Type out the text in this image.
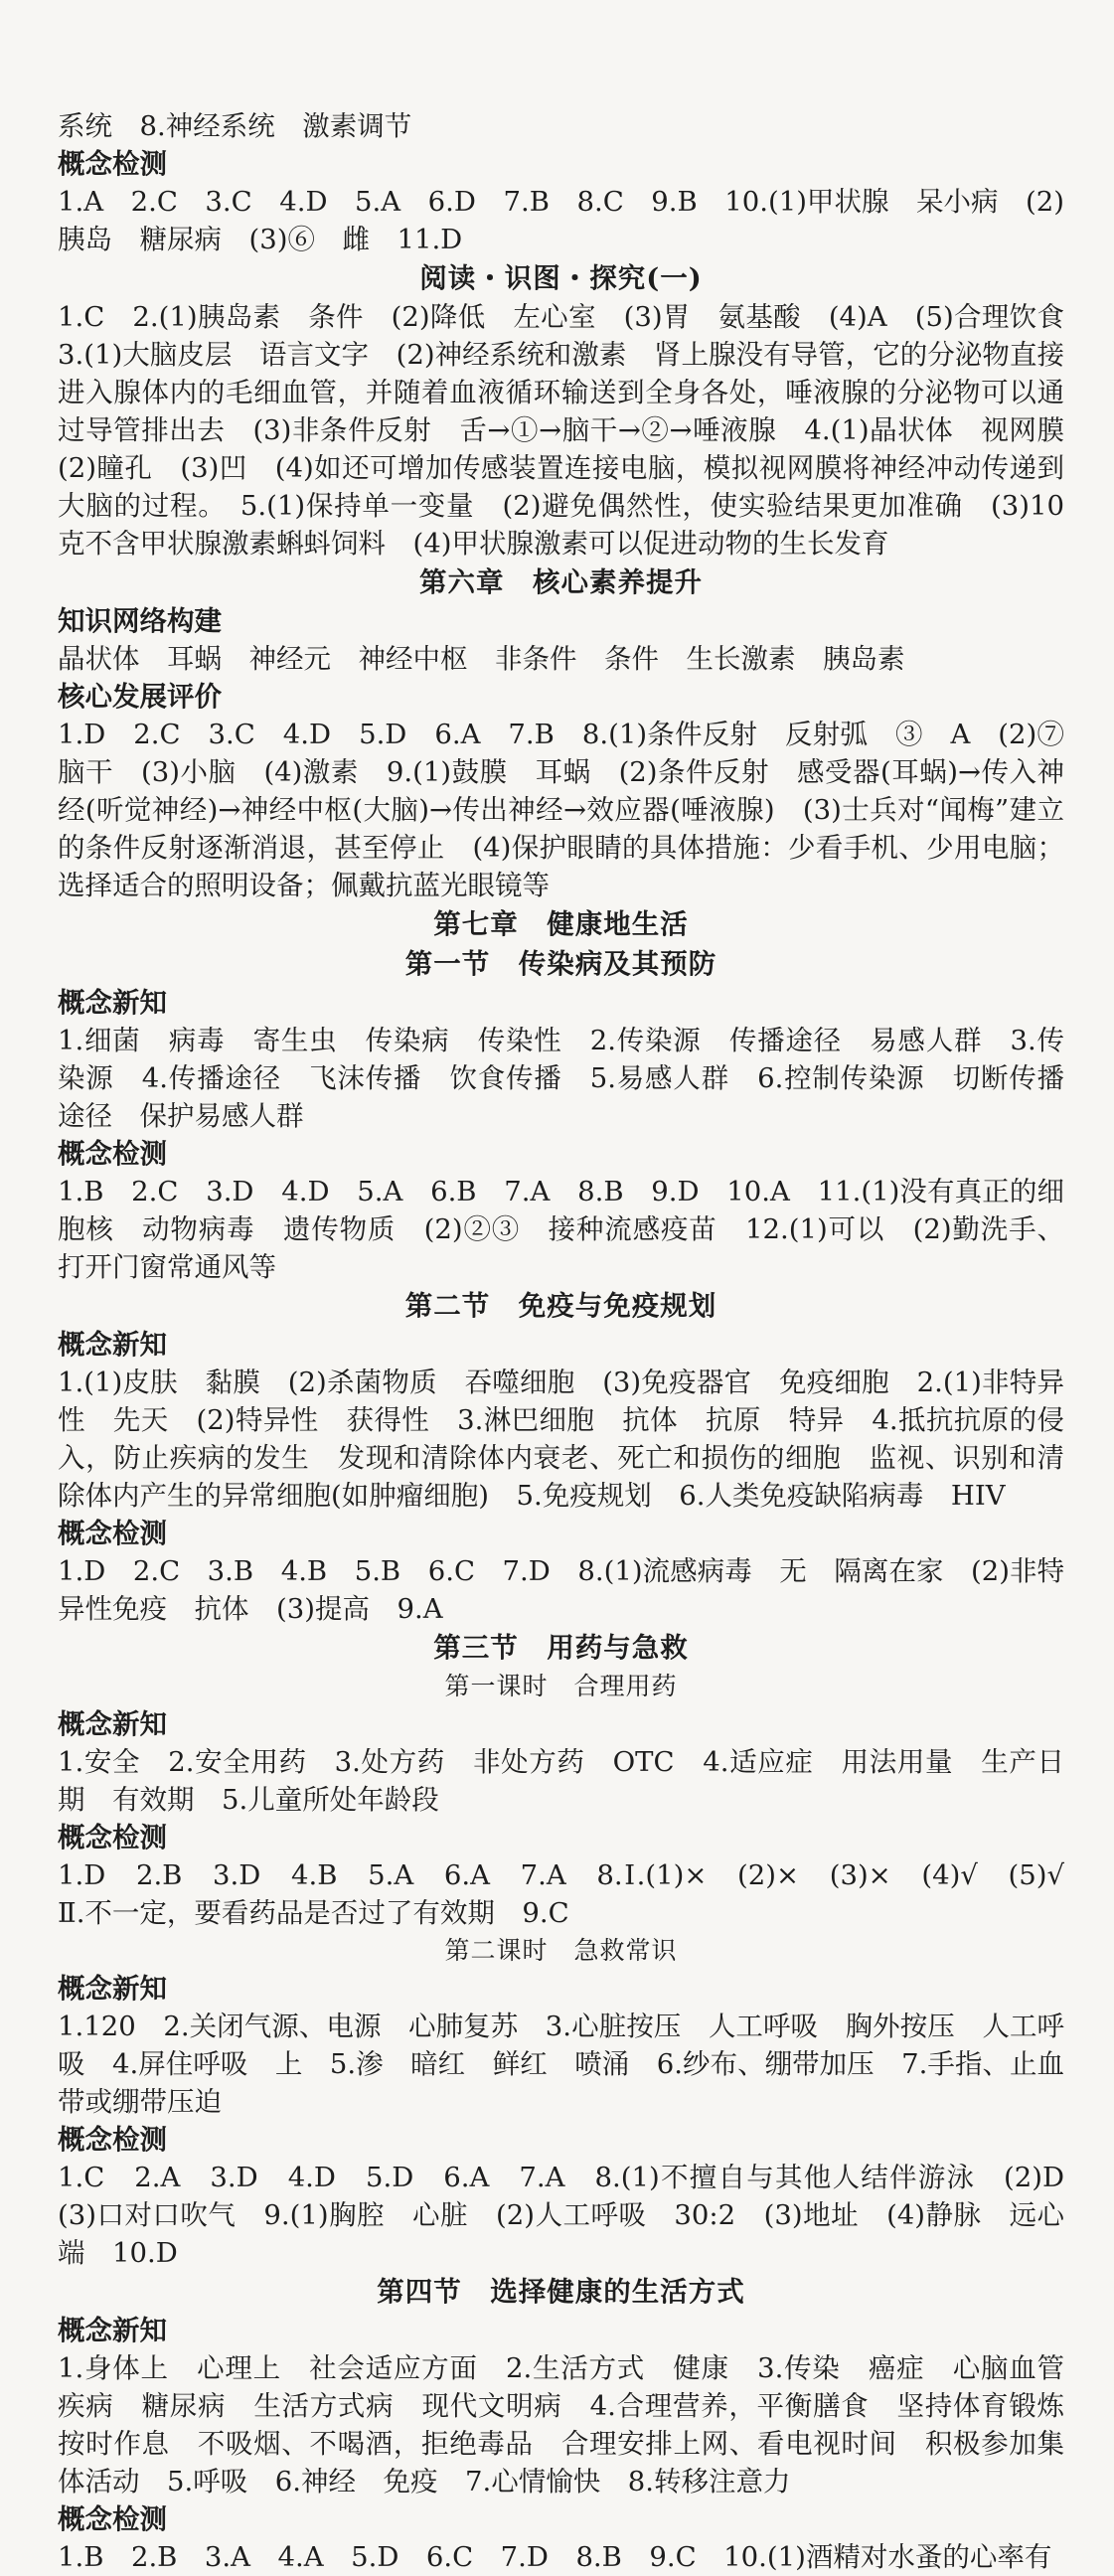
系统　8.神经系统　激素调节

概念检测

1.A　2.C　3.C　4.D　5.A　6.D　7.B　8.C　9.B　10.(1)甲状腺　呆小病　(2)胰岛　糖尿病　(3)⑥　雌　11.D

阅读・识图・探究(一)

1.C　2.(1)胰岛素　条件　(2)降低　左心室　(3)胃　氨基酸　(4)A　(5)合理饮食　3.(1)大脑皮层　语言文字　(2)神经系统和激素　肾上腺没有导管，它的分泌物直接进入腺体内的毛细血管，并随着血液循环输送到全身各处，唾液腺的分泌物可以通过导管排出去　(3)非条件反射　舌→①→脑干→②→唾液腺　4.(1)晶状体　视网膜　(2)瞳孔　(3)凹　(4)如还可增加传感装置连接电脑，模拟视网膜将神经冲动传递到大脑的过程。　5.(1)保持单一变量　(2)避免偶然性，使实验结果更加准确　(3)10克不含甲状腺激素蝌蚪饲料　(4)甲状腺激素可以促进动物的生长发育

第六章　核心素养提升

知识网络构建

晶状体　耳蜗　神经元　神经中枢　非条件　条件　生长激素　胰岛素

核心发展评价

1.D　2.C　3.C　4.D　5.D　6.A　7.B　8.(1)条件反射　反射弧　③　A　(2)⑦　脑干　(3)小脑　(4)激素　9.(1)鼓膜　耳蜗　(2)条件反射　感受器(耳蜗)→传入神经(听觉神经)→神经中枢(大脑)→传出神经→效应器(唾液腺)　(3)士兵对“闻梅”建立的条件反射逐渐消退，甚至停止　(4)保护眼睛的具体措施：少看手机、少用电脑；选择适合的照明设备；佩戴抗蓝光眼镜等

第七章　健康地生活

第一节　传染病及其预防

概念新知

1.细菌　病毒　寄生虫　传染病　传染性　2.传染源　传播途径　易感人群　3.传染源　4.传播途径　飞沫传播　饮食传播　5.易感人群　6.控制传染源　切断传播途径　保护易感人群

概念检测

1.B　2.C　3.D　4.D　5.A　6.B　7.A　8.B　9.D　10.A　11.(1)没有真正的细胞核　动物病毒　遗传物质　(2)②③　接种流感疫苗　12.(1)可以　(2)勤洗手、打开门窗常通风等

第二节　免疫与免疫规划

概念新知

1.(1)皮肤　黏膜　(2)杀菌物质　吞噬细胞　(3)免疫器官　免疫细胞　2.(1)非特异性　先天　(2)特异性　获得性　3.淋巴细胞　抗体　抗原　特异　4.抵抗抗原的侵入，防止疾病的发生　发现和清除体内衰老、死亡和损伤的细胞　监视、识别和清除体内产生的异常细胞(如肿瘤细胞)　5.免疫规划　6.人类免疫缺陷病毒　HIV

概念检测

1.D　2.C　3.B　4.B　5.B　6.C　7.D　8.(1)流感病毒　无　隔离在家　(2)非特异性免疫　抗体　(3)提高　9.A

第三节　用药与急救

第一课时　合理用药

概念新知

1.安全　2.安全用药　3.处方药　非处方药　OTC　4.适应症　用法用量　生产日期　有效期　5.儿童所处年龄段

概念检测

1.D　2.B　3.D　4.B　5.A　6.A　7.A　8.Ⅰ.(1)×　(2)×　(3)×　(4)√　(5)√　Ⅱ.不一定，要看药品是否过了有效期　9.C

第二课时　急救常识

概念新知

1.120　2.关闭气源、电源　心肺复苏　3.心脏按压　人工呼吸　胸外按压　人工呼吸　4.屏住呼吸　上　5.渗　暗红　鲜红　喷涌　6.纱布、绷带加压　7.手指、止血带或绷带压迫

概念检测

1.C　2.A　3.D　4.D　5.D　6.A　7.A　8.(1)不擅自与其他人结伴游泳　(2)D　(3)口对口吹气　9.(1)胸腔　心脏　(2)人工呼吸　30:2　(3)地址　(4)静脉　远心端　10.D

第四节　选择健康的生活方式

概念新知

1.身体上　心理上　社会适应方面　2.生活方式　健康　3.传染　癌症　心脑血管疾病　糖尿病　生活方式病　现代文明病　4.合理营养，平衡膳食　坚持体育锻炼　按时作息　不吸烟、不喝酒，拒绝毒品　合理安排上网、看电视时间　积极参加集体活动　5.呼吸　6.神经　免疫　7.心情愉快　8.转移注意力

概念检测

1.B　2.B　3.A　4.A　5.D　6.C　7.D　8.B　9.C　10.(1)酒精对水蚤的心率有
